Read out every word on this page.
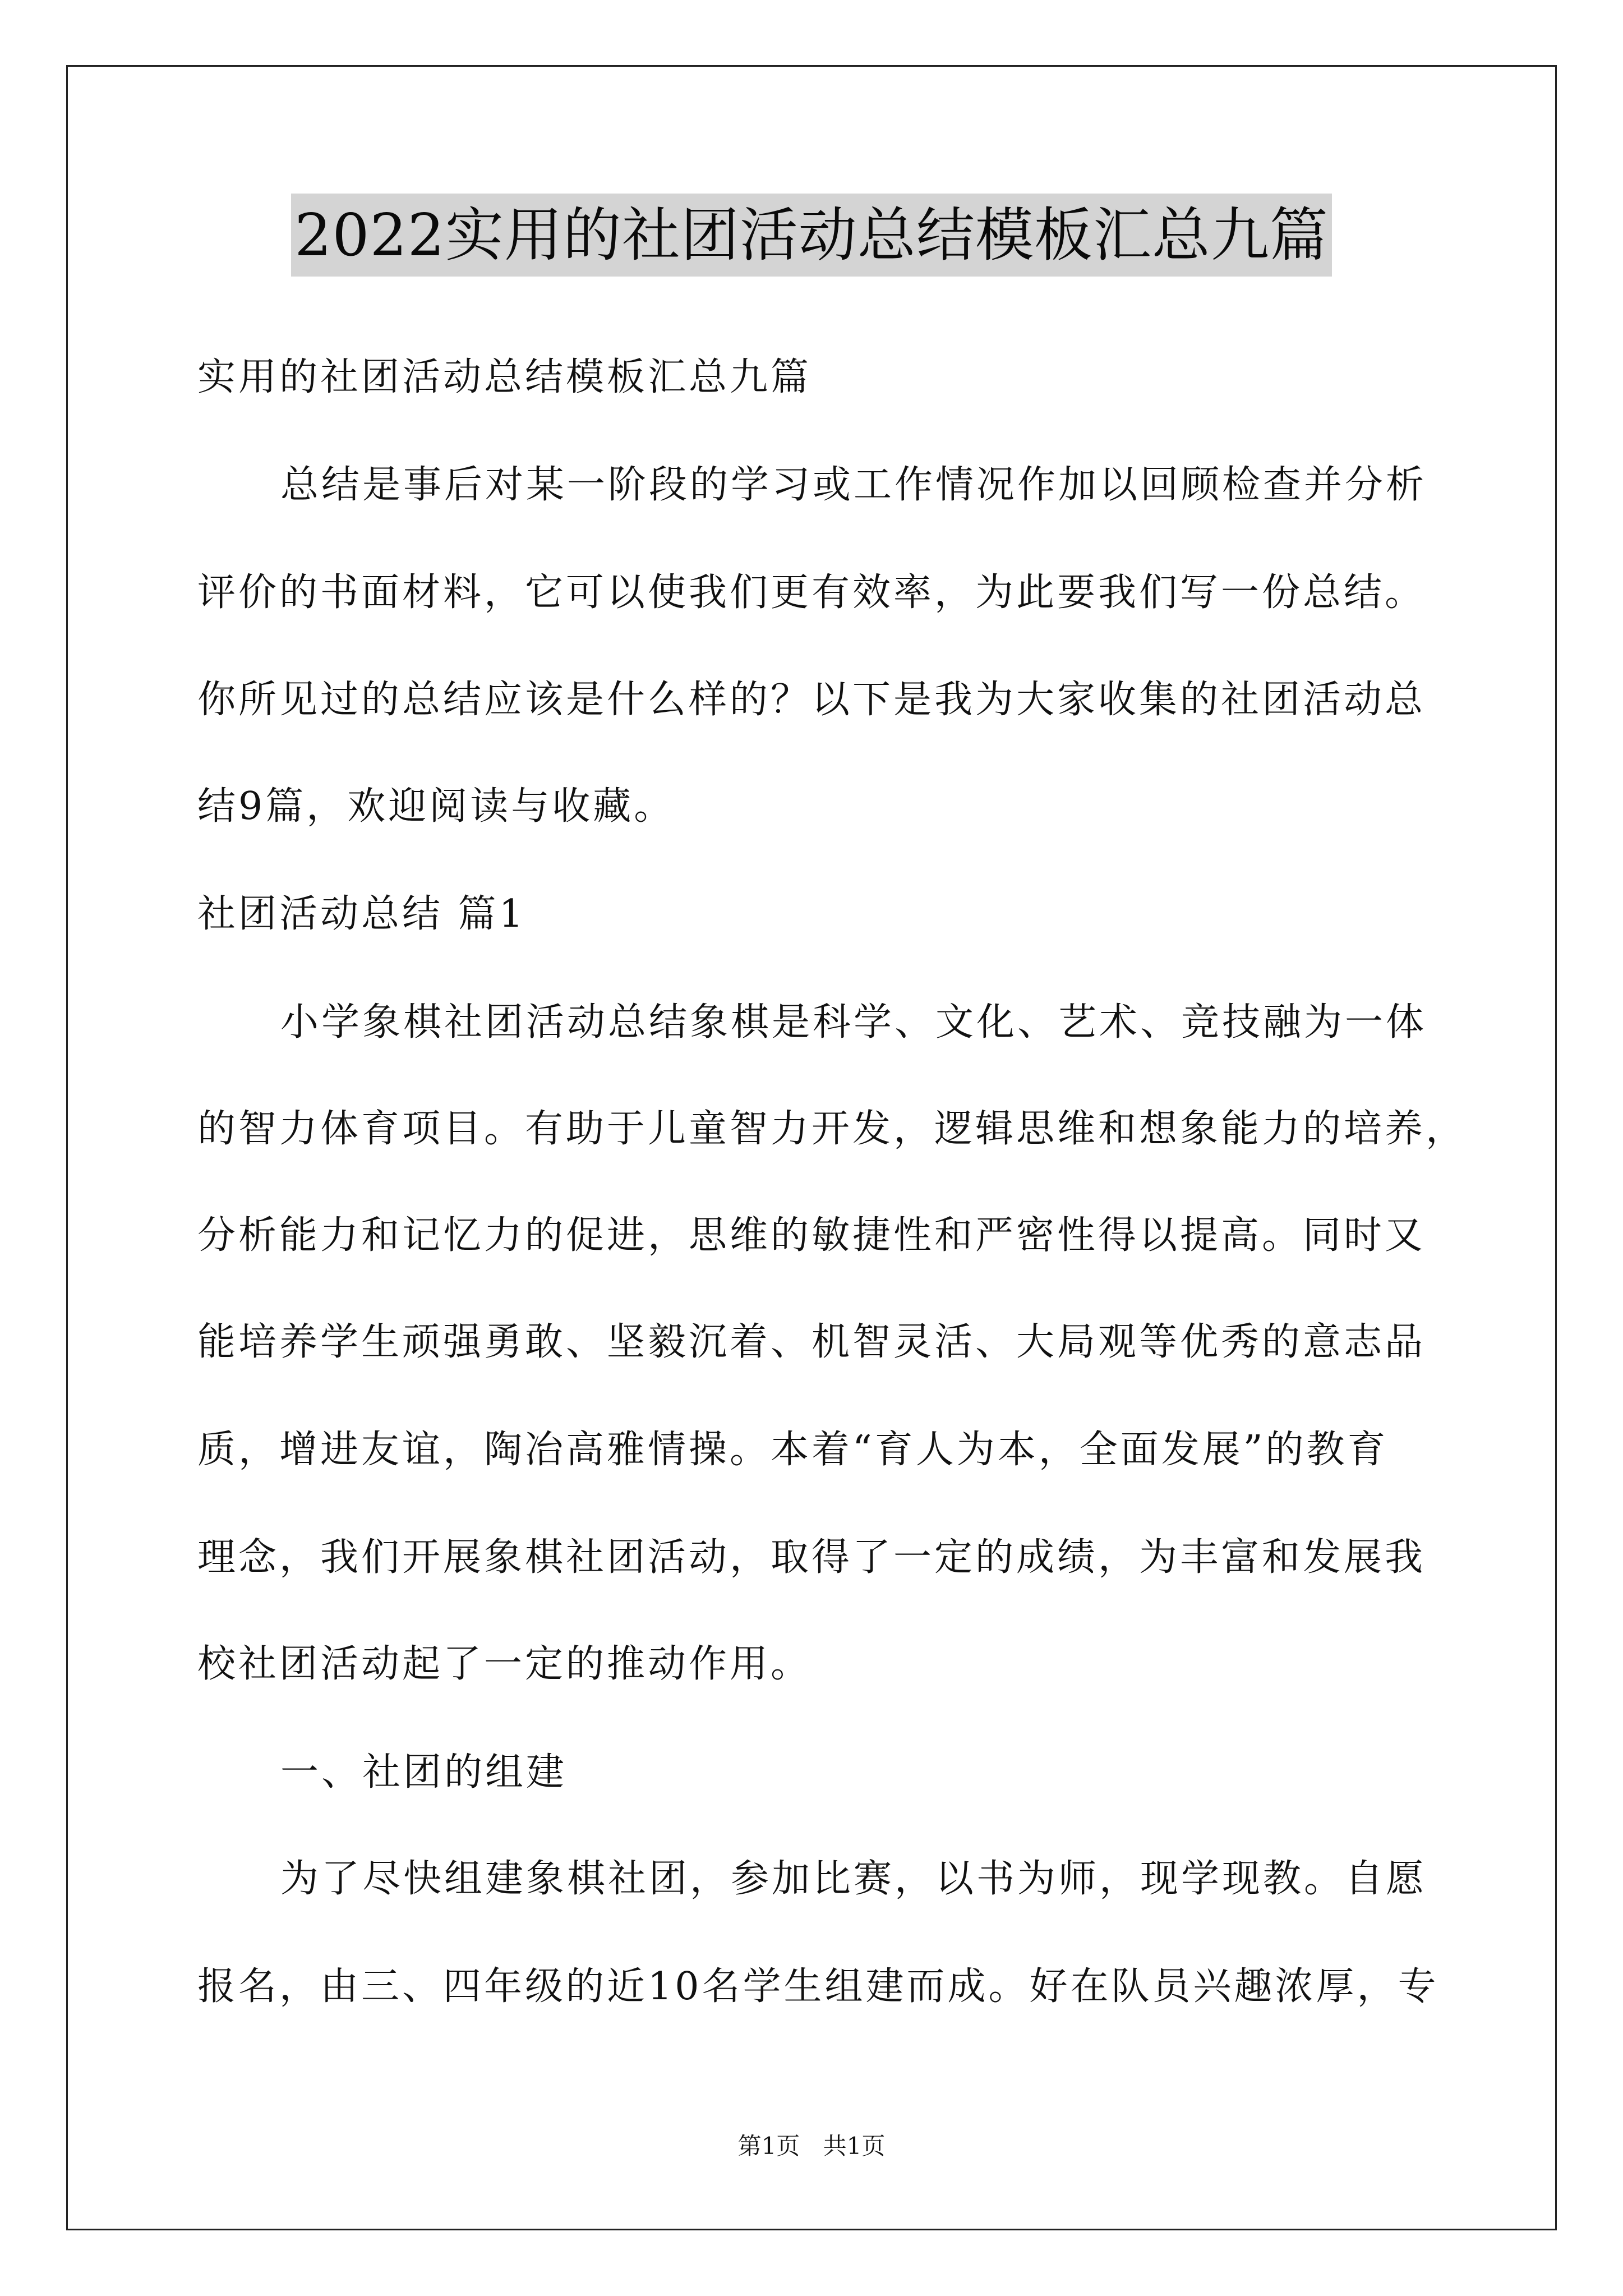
2022实用的社团活动总结模板汇总九篇
实用的社团活动总结模板汇总九篇
总结是事后对某一阶段的学习或工作情况作加以回顾检查并分析
评价的书面材料，它可以使我们更有效率，为此要我们写一份总结。
你所见过的总结应该是什么样的？以下是我为大家收集的社团活动总
结9篇，欢迎阅读与收藏。
社团活动总结 篇1
小学象棋社团活动总结象棋是科学、文化、艺术、竞技融为一体
的智力体育项目。有助于儿童智力开发，逻辑思维和想象能力的培养，
分析能力和记忆力的促进，思维的敏捷性和严密性得以提高。同时又
能培养学生顽强勇敢、坚毅沉着、机智灵活、大局观等优秀的意志品
质，增进友谊，陶冶高雅情操。本着“育人为本，全面发展”的教育
理念，我们开展象棋社团活动，取得了一定的成绩，为丰富和发展我
校社团活动起了一定的推动作用。
一、社团的组建
为了尽快组建象棋社团，参加比赛，以书为师，现学现教。自愿
报名，由三、四年级的近10名学生组建而成。好在队员兴趣浓厚，专
第1页 共1页
